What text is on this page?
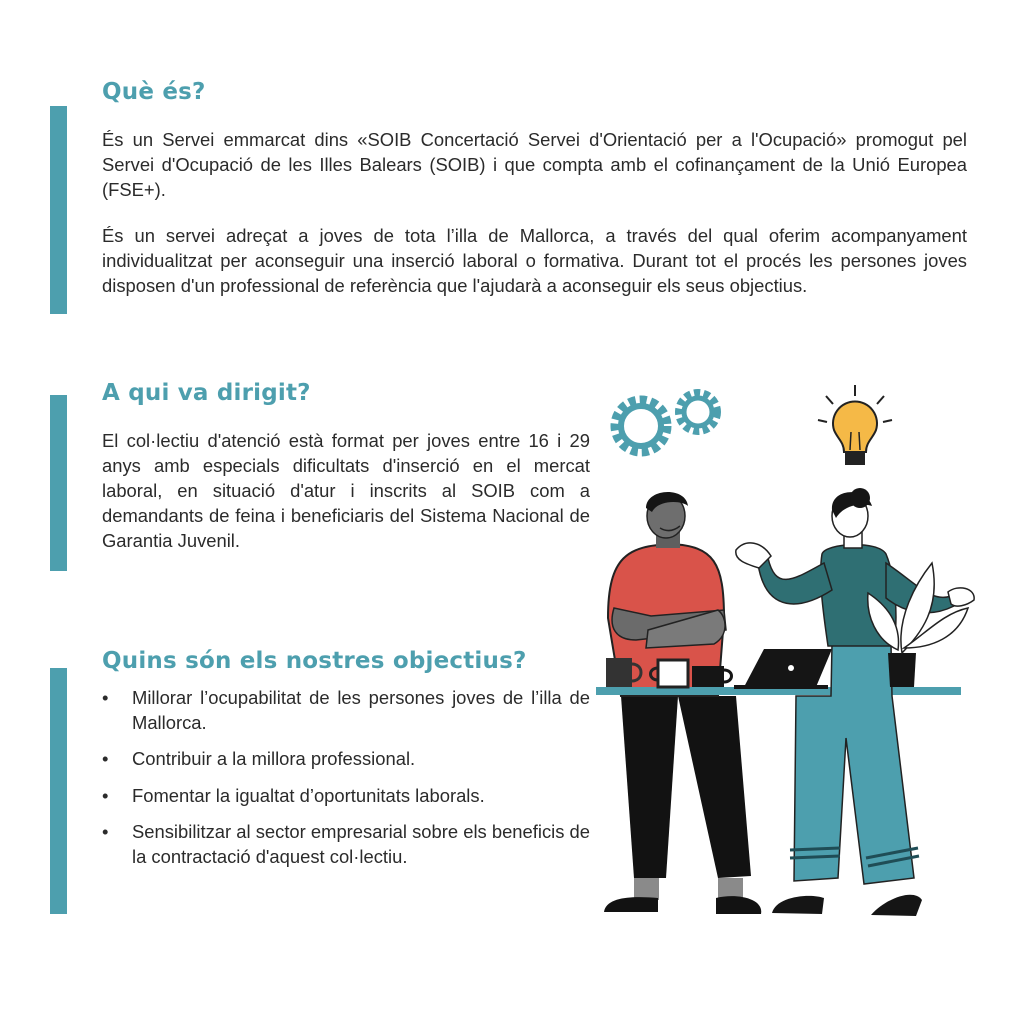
Què és?

És un Servei emmarcat dins «SOIB Concertació Servei d'Orientació per a l'Ocupació» promogut pel Servei d'Ocupació de les Illes Balears (SOIB) i que compta amb el cofinançament de la Unió Europea (FSE+).

És un servei adreçat a joves de tota l’illa de Mallorca, a través del qual oferim acompanyament individualitzat per aconseguir una inserció laboral o formativa. Durant tot el procés les persones joves disposen d'un professional de referència que l'ajudarà a aconseguir els seus objectius.

A qui va dirigit?

El col·lectiu d'atenció està format per joves entre 16 i 29 anys amb especials dificultats d'inserció en el mercat laboral, en situació d'atur i inscrits al SOIB com a demandants de feina i beneficiaris del Sistema Nacional de Garantia Juvenil.

Quins són els nostres objectius?
• Millorar l’ocupabilitat de les persones joves de l’illa de Mallorca.
• Contribuir a la millora professional.
• Fomentar la igualtat d’oportunitats laborals.
• Sensibilitzar al sector empresarial sobre els beneficis de la contractació d'aquest col·lectiu.
